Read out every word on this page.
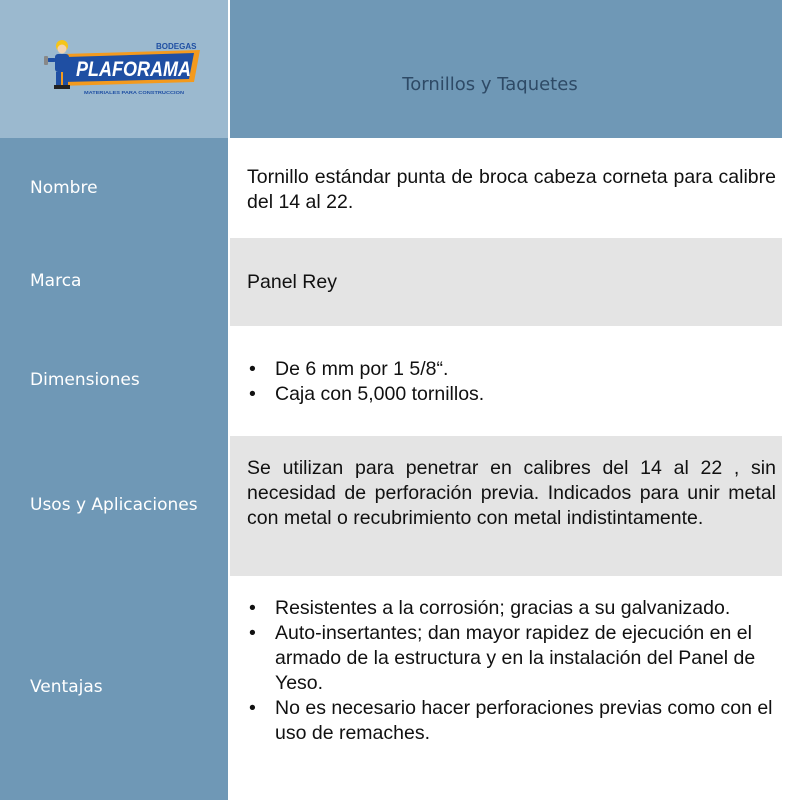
BODEGAS
PLAFORAMA
MATERIALES PARA CONSTRUCCION
Nombre
Marca
Dimensiones
Usos y Aplicaciones
Ventajas
Tornillos y Taquetes
Tornillo estándar punta de broca cabeza corneta para calibre del 14 al 22.
Panel Rey
• De 6 mm por 1 5/8“.
• Caja con 5,000 tornillos.
Se utilizan para penetrar en calibres del 14 al 22 , sin necesidad de perforación previa. Indicados para unir metal con metal o recubrimiento con metal indistintamente.
• Resistentes a la corrosión; gracias a su galvanizado.
• Auto-insertantes; dan mayor rapidez de ejecución en el armado de la estructura y en la instalación del Panel de Yeso.
• No es necesario hacer perforaciones previas como con el uso de remaches.
